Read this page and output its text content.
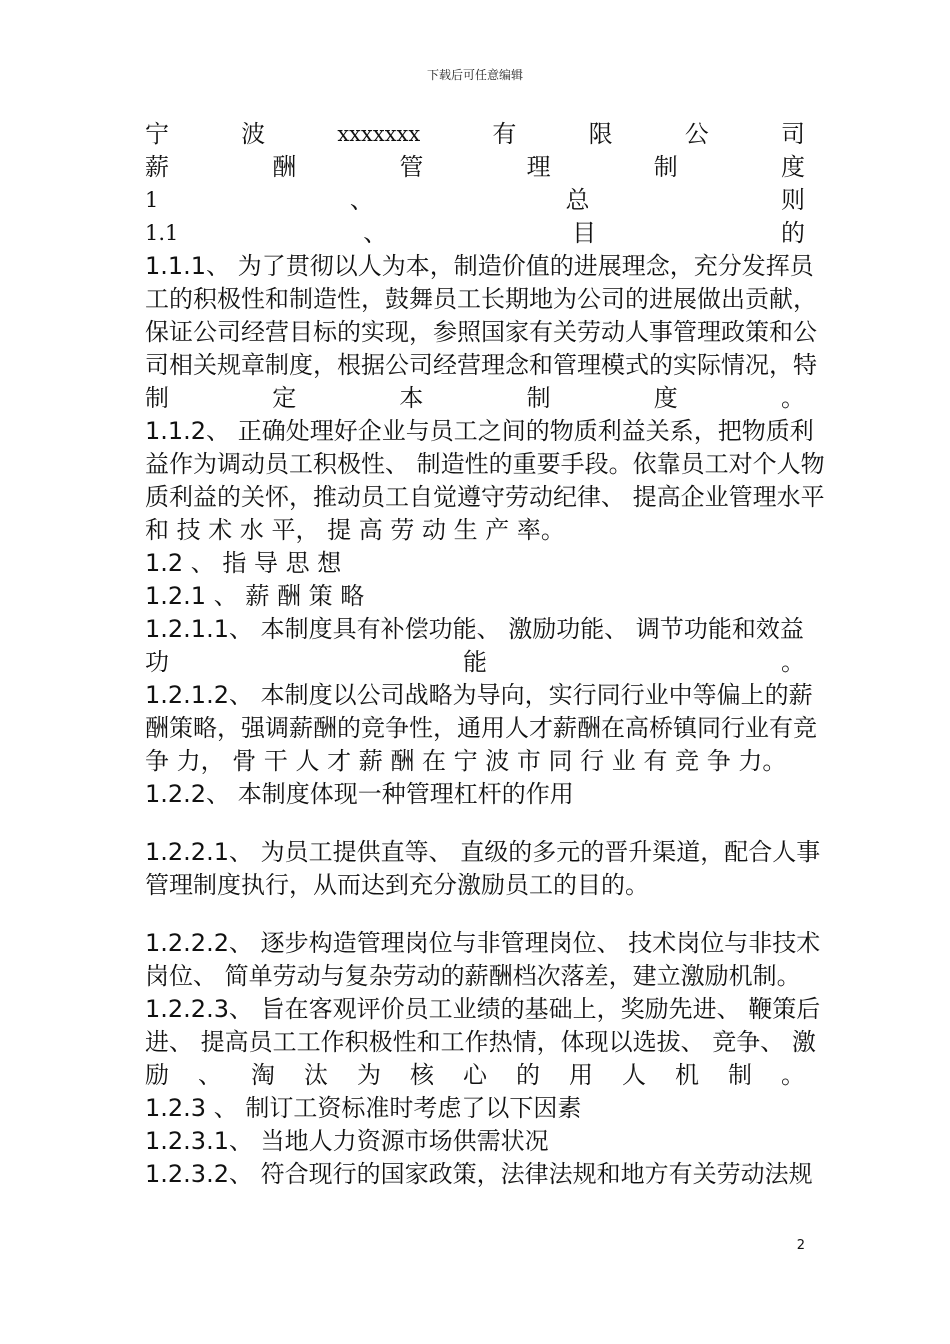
下载后可任意编辑
宁	波	xxxxxxx	有	限	公	司
薪	酬	管	理	制	度
1	、	总	则
1.1	、	目	的
1.1.1、 为了贯彻以人为本，制造价值的进展理念，充分发挥员
工的积极性和制造性，鼓舞员工长期地为公司的进展做出贡献，
保证公司经营目标的实现，参照国家有关劳动人事管理政策和公
司相关规章制度，根据公司经营理念和管理模式的实际情况，特
制	定	本	制	度	。
1.1.2、 正确处理好企业与员工之间的物质利益关系，把物质利
益作为调动员工积极性、 制造性的重要手段。依靠员工对个人物
质利益的关怀，推动员工自觉遵守劳动纪律、 提高企业管理水平
和 技 术 水 平， 提 高 劳 动 生 产 率。
1.2 、 指 导 思 想
1.2.1 、 薪 酬 策 略
1.2.1.1、 本制度具有补偿功能、 激励功能、 调节功能和效益
功	能	。
1.2.1.2、 本制度以公司战略为导向，实行同行业中等偏上的薪
酬策略，强调薪酬的竞争性，通用人才薪酬在高桥镇同行业有竞
争 力， 骨 干 人 才 薪 酬 在 宁 波 市 同 行 业 有 竞 争 力。
1.2.2、 本制度体现一种管理杠杆的作用
1.2.2.1、 为员工提供直等、 直级的多元的晋升渠道，配合人事
管理制度执行，从而达到充分激励员工的目的。
1.2.2.2、 逐步构造管理岗位与非管理岗位、 技术岗位与非技术
岗位、 简单劳动与复杂劳动的薪酬档次落差，建立激励机制。
1.2.2.3、 旨在客观评价员工业绩的基础上，奖励先进、 鞭策后
进、 提高员工工作积极性和工作热情，体现以选拔、 竞争、 激
励 、 淘 汰 为 核 心 的 用 人 机 制 。
1.2.3 、 制订工资标准时考虑了以下因素
1.2.3.1、 当地人力资源市场供需状况
1.2.3.2、 符合现行的国家政策，法律法规和地方有关劳动法规
2
